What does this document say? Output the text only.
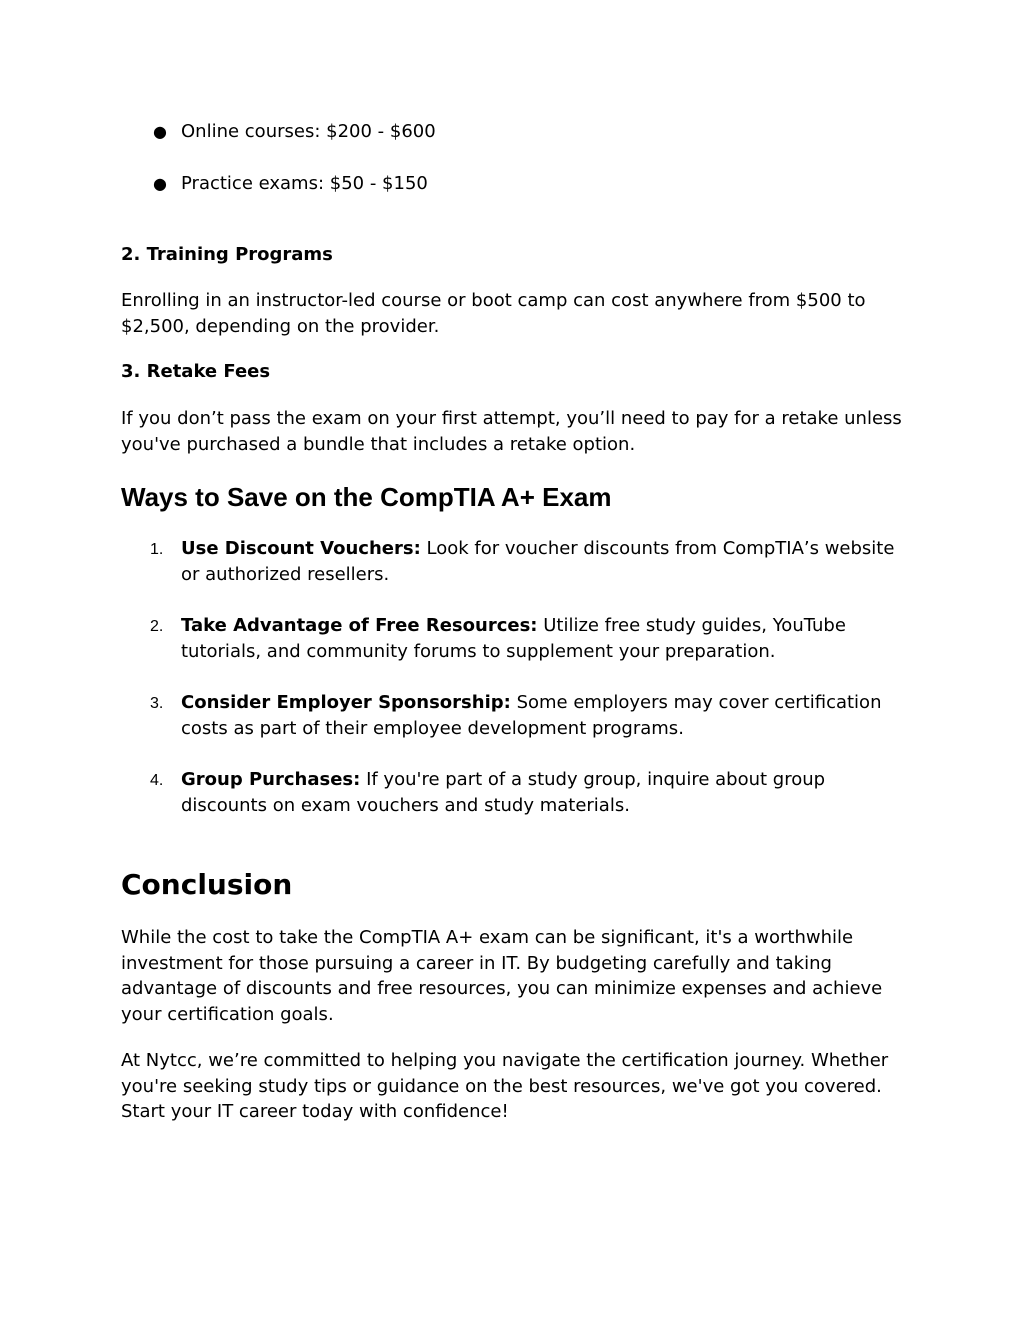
● Online courses: $200 - $600
● Practice exams: $50 - $150
2. Training Programs

Enrolling in an instructor-led course or boot camp can cost anywhere from $500 to $2,500, depending on the provider.

3. Retake Fees

If you don’t pass the exam on your first attempt, you’ll need to pay for a retake unless you've purchased a bundle that includes a retake option.

Ways to Save on the CompTIA A+ Exam
1. Use Discount Vouchers: Look for voucher discounts from CompTIA’s website or authorized resellers.
2. Take Advantage of Free Resources: Utilize free study guides, YouTube tutorials, and community forums to supplement your preparation.
3. Consider Employer Sponsorship: Some employers may cover certification costs as part of their employee development programs.
4. Group Purchases: If you're part of a study group, inquire about group discounts on exam vouchers and study materials.
Conclusion

While the cost to take the CompTIA A+ exam can be significant, it's a worthwhile investment for those pursuing a career in IT. By budgeting carefully and taking advantage of discounts and free resources, you can minimize expenses and achieve your certification goals.

At Nytcc, we’re committed to helping you navigate the certification journey. Whether you're seeking study tips or guidance on the best resources, we've got you covered. Start your IT career today with confidence!
